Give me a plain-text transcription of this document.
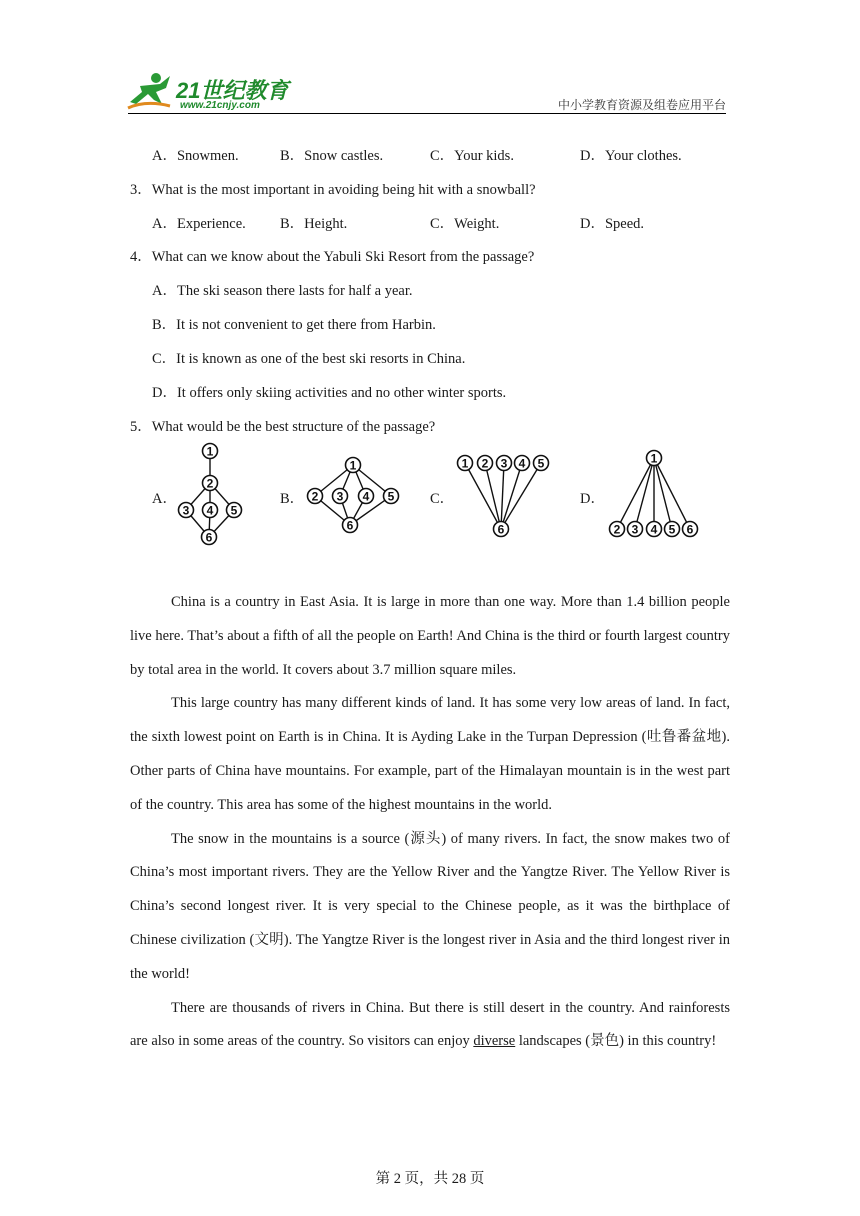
21世纪教育
www.21cnjy.com	中小学教育资源及组卷应用平台
A．Snowmen.	B．Snow castles.	C．Your kids.	D．Your clothes.
3．What is the most important in avoiding being hit with a snowball?
A．Experience. B．Height.	C．Weight.	D．Speed.
4．What can we know about the Yabuli Ski Resort from the passage?
A．The ski season there lasts for half a year.
B．It is not convenient to get there from Harbin.
C．It is known as one of the best ski resorts in China.
D．It offers only skiing activities and no other winter sports.
5．What would be the best structure of the passage?
A．	B．	C．	D．
1
2
3 4 5
6
1
2 3 4 5
6
1 2 3 4 5
6
1
2 3 4 5 6

China is a country in East Asia. It is large in more than one way. More than 1.4 billion people live here. That’s about a fifth of all the people on Earth! And China is the third or fourth largest country by total area in the world. It covers about 3.7 million square miles.

This large country has many different kinds of land. It has some very low areas of land. In fact, the sixth lowest point on Earth is in China. It is Ayding Lake in the Turpan Depression (吐鲁番盆地). Other parts of China have mountains. For example, part of the Himalayan mountain is in the west part of the country. This area has some of the highest mountains in the world.

The snow in the mountains is a source (源头) of many rivers. In fact, the snow makes two of China’s most important rivers. They are the Yellow River and the Yangtze River. The Yellow River is China’s second longest river. It is very special to the Chinese people, as it was the birthplace of Chinese civilization (文明). The Yangtze River is the longest river in Asia and the third longest river in the world!

There are thousands of rivers in China. But there is still desert in the country. And rainforests are also in some areas of the country. So visitors can enjoy diverse landscapes (景色) in this country!

第 2 页，共 28 页
